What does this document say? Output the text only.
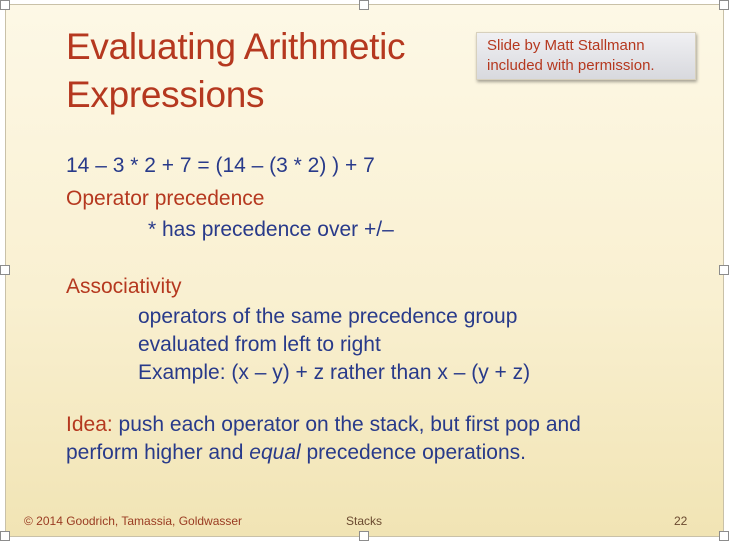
Evaluating Arithmetic
Expressions
Slide by Matt Stallmann
included with permission.
14 – 3 * 2 + 7 = (14 – (3 * 2) ) + 7
Operator precedence
* has precedence over +/–
Associativity
operators of the same precedence group
evaluated from left to right
Example: (x – y) + z rather than x – (y + z)
Idea: push each operator on the stack, but first pop and
perform higher and equal precedence operations.
© 2014 Goodrich, Tamassia, Goldwasser	Stacks	22
